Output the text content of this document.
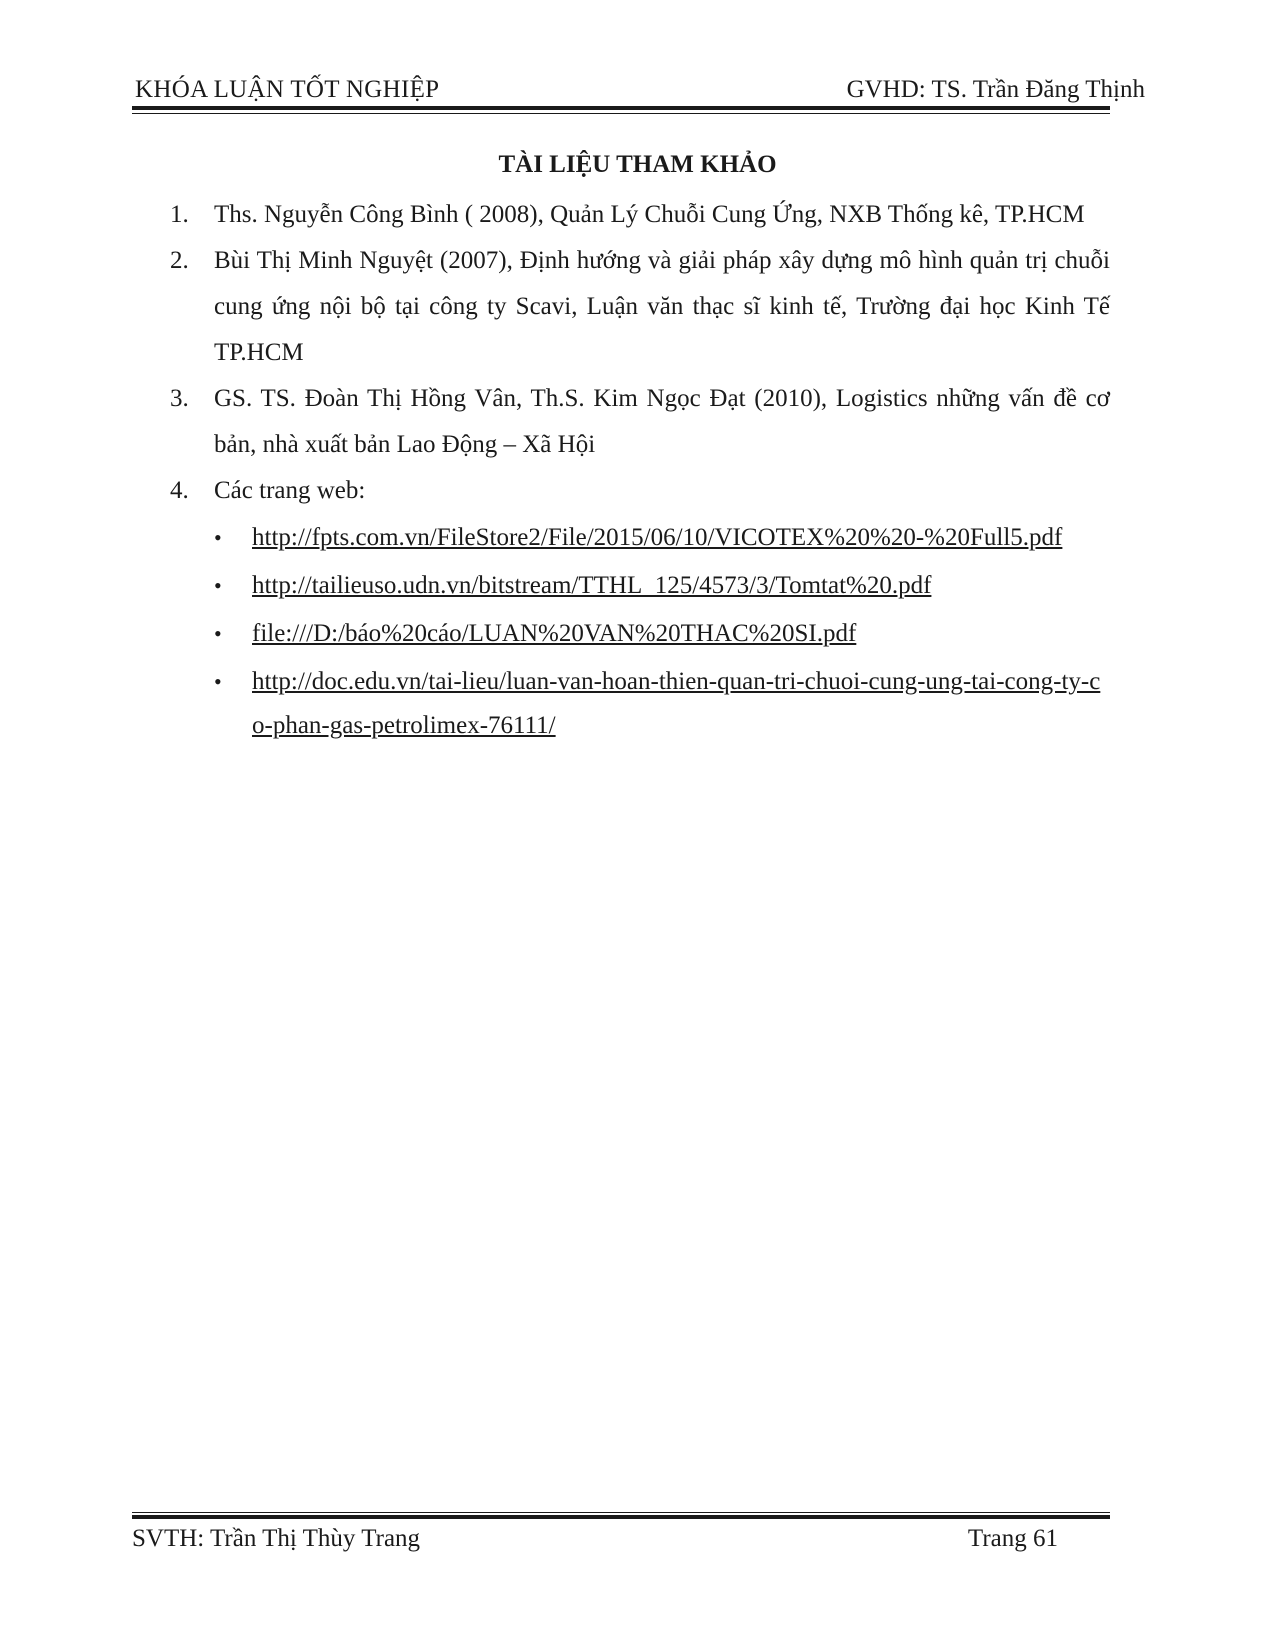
KHÓA LUẬN TỐT NGHIỆP	GVHD: TS. Trần Đăng Thịnh
TÀI LIỆU THAM KHẢO
1. Ths. Nguyễn Công Bình ( 2008), Quản Lý Chuỗi Cung Ứng, NXB Thống kê, TP.HCM
2. Bùi Thị Minh Nguyệt (2007), Định hướng và giải pháp xây dựng mô hình quản trị chuỗi cung ứng nội bộ tại công ty Scavi, Luận văn thạc sĩ kinh tế, Trường đại học Kinh Tế TP.HCM
3. GS. TS. Đoàn Thị Hồng Vân, Th.S. Kim Ngọc Đạt (2010), Logistics những vấn đề cơ bản, nhà xuất bản Lao Động – Xã Hội
4. Các trang web:
• http://fpts.com.vn/FileStore2/File/2015/06/10/VICOTEX%20%20-%20Full5.pdf
• http://tailieuso.udn.vn/bitstream/TTHL_125/4573/3/Tomtat%20.pdf
• file:///D:/báo%20cáo/LUAN%20VAN%20THAC%20SI.pdf
• http://doc.edu.vn/tai-lieu/luan-van-hoan-thien-quan-tri-chuoi-cung-ung-tai-cong-ty-co-phan-gas-petrolimex-76111/
SVTH: Trần Thị Thùy Trang	Trang 61
